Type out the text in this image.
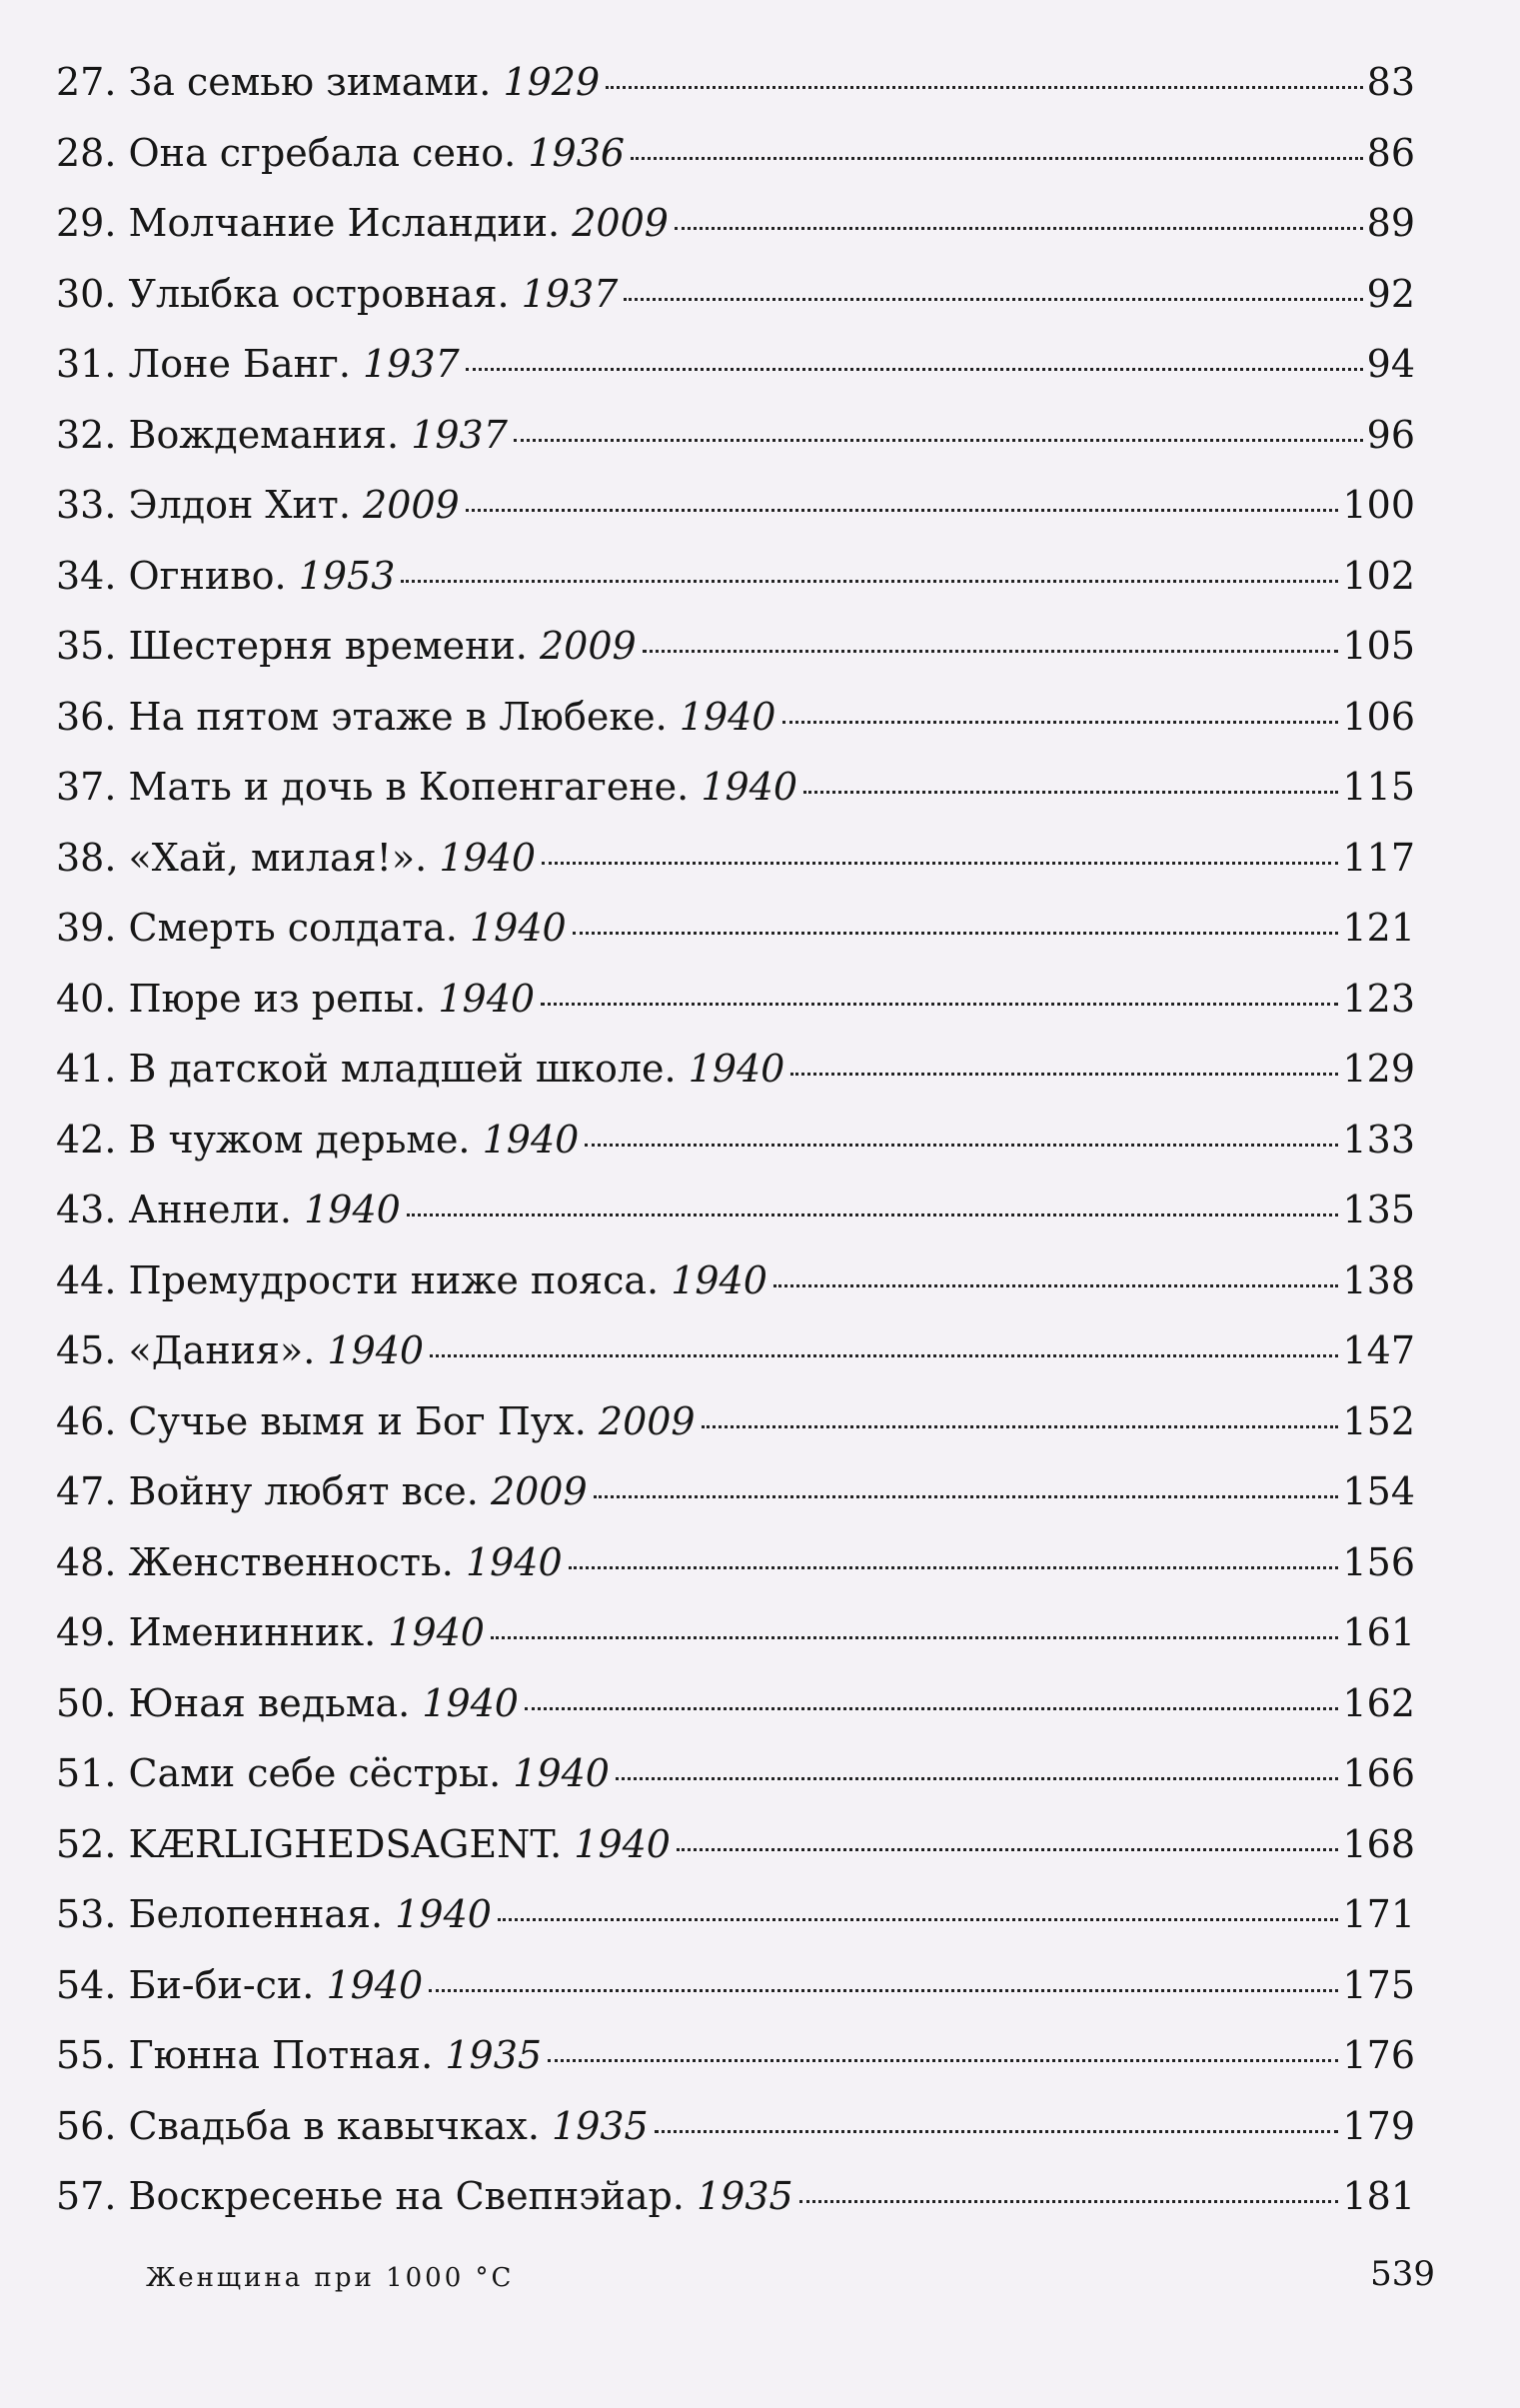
27. За семью зимами. 1929	83
28. Она сгребала сено. 1936	86
29. Молчание Исландии. 2009	89
30. Улыбка островная. 1937	92
31. Лоне Банг. 1937	94
32. Вождемания. 1937	96
33. Элдон Хит. 2009	100
34. Огниво. 1953	102
35. Шестерня времени. 2009	105
36. На пятом этаже в Любеке. 1940	106
37. Мать и дочь в Копенгагене. 1940	115
38. «Хай, милая!». 1940	117
39. Смерть солдата. 1940	121
40. Пюре из репы. 1940	123
41. В датской младшей школе. 1940	129
42. В чужом дерьме. 1940	133
43. Аннели. 1940	135
44. Премудрости ниже пояса. 1940	138
45. «Дания». 1940	147
46. Сучье вымя и Бог Пух. 2009	152
47. Войну любят все. 2009	154
48. Женственность. 1940	156
49. Именинник. 1940	161
50. Юная ведьма. 1940	162
51. Сами себе сёстры. 1940	166
52. KÆRLIGHEDSAGENT. 1940	168
53. Белопенная. 1940	171
54. Би-би-си. 1940	175
55. Гюнна Потная. 1935	176
56. Свадьба в кавычках. 1935	179
57. Воскресенье на Свепнэйар. 1935	181
Женщина при 1000 °С	539
